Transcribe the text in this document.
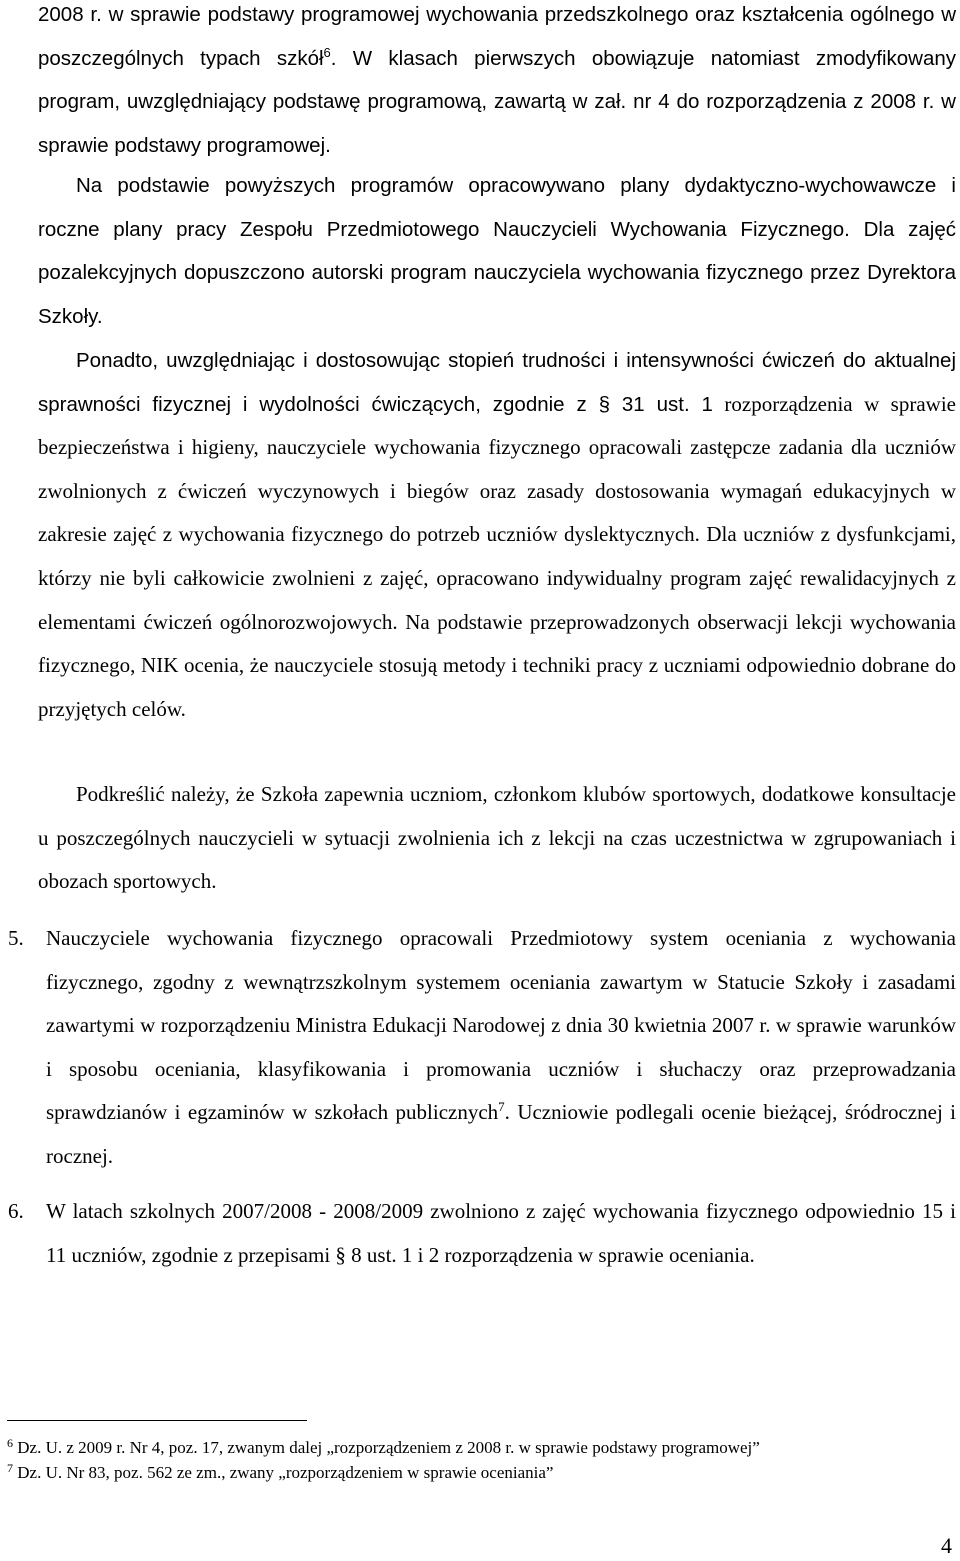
2008 r. w sprawie podstawy programowej wychowania przedszkolnego oraz kształcenia ogólnego w poszczególnych typach szkół$^6$. W klasach pierwszych obowiązuje natomiast zmodyfikowany program, uwzględniający podstawę programową, zawartą w zał. nr 4 do rozporządzenia z 2008 r. w sprawie podstawy programowej.
Na podstawie powyższych programów opracowywano plany dydaktyczno-wychowawcze i roczne plany pracy Zespołu Przedmiotowego Nauczycieli Wychowania Fizycznego. Dla zajęć pozalekcyjnych dopuszczono autorski program nauczyciela wychowania fizycznego przez Dyrektora Szkoły.
Ponadto, uwzględniając i dostosowując stopień trudności i intensywności ćwiczeń do aktualnej sprawności fizycznej i wydolności ćwiczących, zgodnie z § 31 ust. 1 rozporządzenia w sprawie bezpieczeństwa i higieny, nauczyciele wychowania fizycznego opracowali zastępcze zadania dla uczniów zwolnionych z ćwiczeń wyczynowych i biegów oraz zasady dostosowania wymagań edukacyjnych w zakresie zajęć z wychowania fizycznego do potrzeb uczniów dyslektycznych. Dla uczniów z dysfunkcjami, którzy nie byli całkowicie zwolnieni z zajęć, opracowano indywidualny program zajęć rewalidacyjnych z elementami ćwiczeń ogólnorozwojowych. Na podstawie przeprowadzonych obserwacji lekcji wychowania fizycznego, NIK ocenia, że nauczyciele stosują metody i techniki pracy z uczniami odpowiednio dobrane do przyjętych celów.
Podkreślić należy, że Szkoła zapewnia uczniom, członkom klubów sportowych, dodatkowe konsultacje u poszczególnych nauczycieli w sytuacji zwolnienia ich z lekcji na czas uczestnictwa w zgrupowaniach i obozach sportowych.
5. Nauczyciele wychowania fizycznego opracowali Przedmiotowy system oceniania z wychowania fizycznego, zgodny z wewnątrzszkolnym systemem oceniania zawartym w Statucie Szkoły i zasadami zawartymi w rozporządzeniu Ministra Edukacji Narodowej z dnia 30 kwietnia 2007 r. w sprawie warunków i sposobu oceniania, klasyfikowania i promowania uczniów i słuchaczy oraz przeprowadzania sprawdzianów i egzaminów w szkołach publicznych$^7$. Uczniowie podlegali ocenie bieżącej, śródrocznej i rocznej.
6. W latach szkolnych 2007/2008 - 2008/2009 zwolniono z zajęć wychowania fizycznego odpowiednio 15 i 11 uczniów, zgodnie z przepisami § 8 ust. 1 i 2 rozporządzenia w sprawie oceniania.
$^6$ Dz. U. z 2009 r. Nr 4, poz. 17, zwanym dalej „rozporządzeniem z 2008 r. w sprawie podstawy programowej”
$^7$ Dz. U. Nr 83, poz. 562 ze zm., zwany „rozporządzeniem w sprawie oceniania”
4
